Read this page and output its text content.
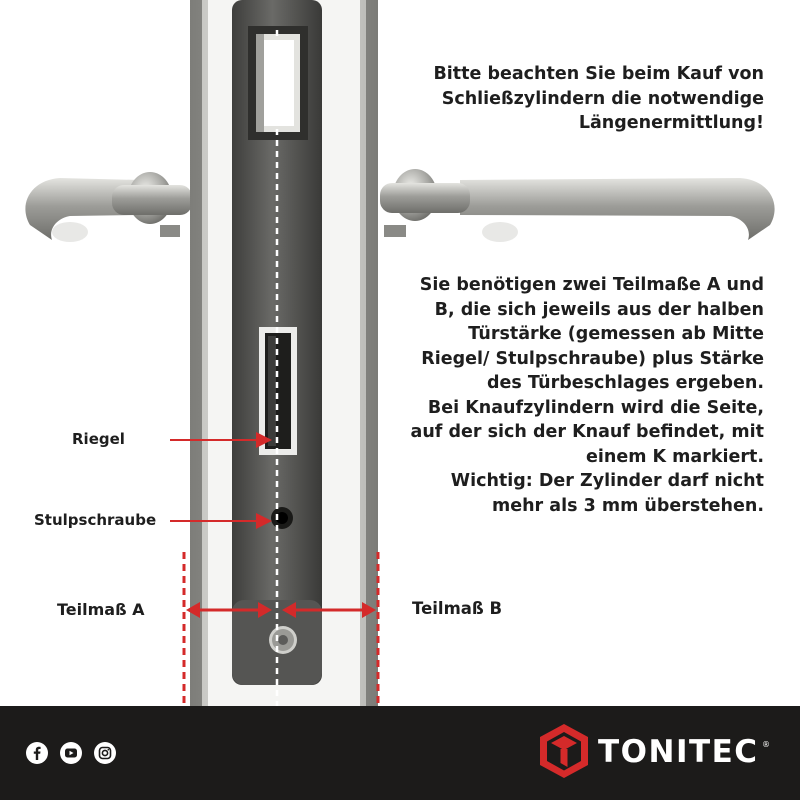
Bitte beachten Sie beim Kauf von
Schließzylindern die notwendige
Längenermittlung!
Sie benötigen zwei Teilmaße A und
B, die sich jeweils aus der halben
Türstärke (gemessen ab Mitte
Riegel/ Stulpschraube) plus Stärke
des Türbeschlages ergeben.
Bei Knaufzylindern wird die Seite,
auf der sich der Knauf befindet, mit
einem K markiert.
Wichtig: Der Zylinder darf nicht
mehr als 3 mm überstehen.
Riegel
Stulpschraube
Teilmaß A	Teilmaß B
TONITEC ®
